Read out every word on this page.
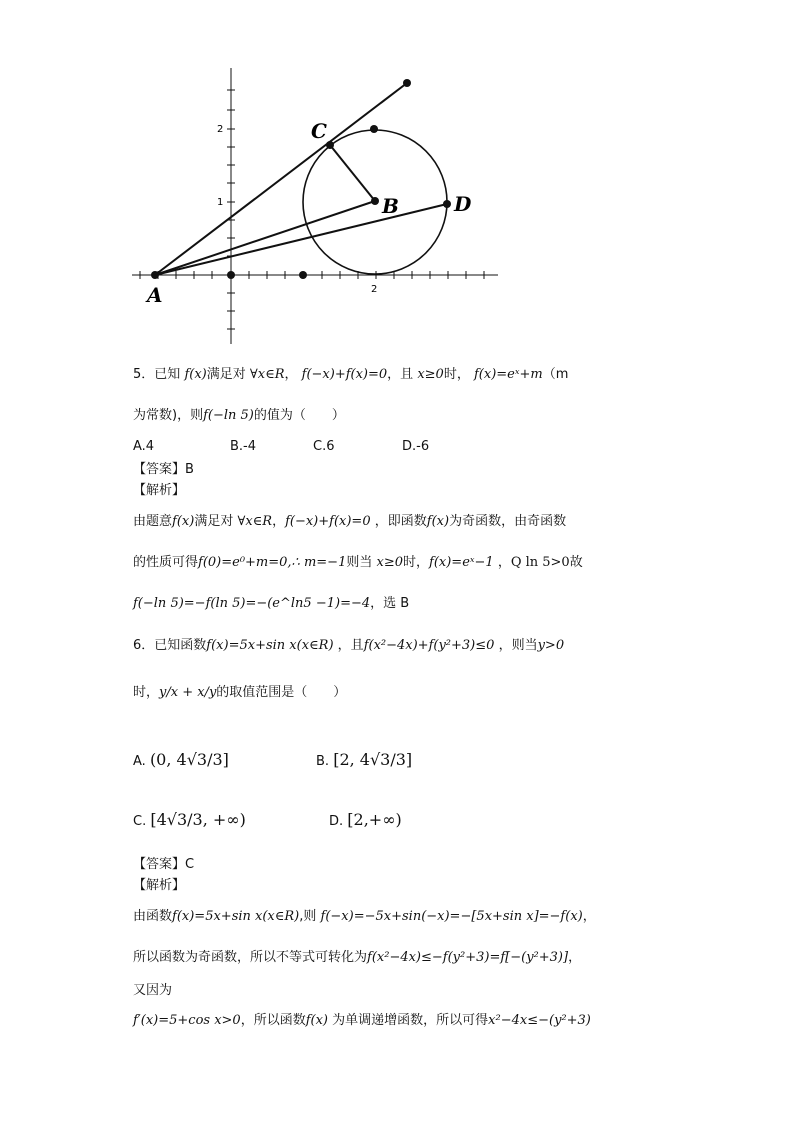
A
B
C
D
2
1
2
5．已知 f(x)满足对 ∀x∈R， f(−x)+f(x)=0，且 x≥0时， f(x)=eˣ+m（m
为常数)，则f(−ln 5)的值为（　　）
A.4	B.-4	C.6	D.-6
【答案】B
【解析】
由题意f(x)满足对 ∀x∈R，f(−x)+f(x)=0 ，即函数f(x)为奇函数，由奇函数
的性质可得f(0)=e⁰+m=0,∴ m=−1则当 x≥0时，f(x)=eˣ−1 ，Q ln 5>0故
f(−ln 5)=−f(ln 5)=−(e^ln5 −1)=−4，选 B
6．已知函数f(x)=5x+sin x(x∈R) ，且f(x²−4x)+f(y²+3)≤0 ，则当y>0
时，y/x + x/y的取值范围是（　　）
A. (0, 4√3/3]	B. [2, 4√3/3]
C. [4√3/3, +∞)	D. [2,+∞)
【答案】C
【解析】
由函数f(x)=5x+sin x(x∈R),则 f(−x)=−5x+sin(−x)=−[5x+sin x]=−f(x)，
所以函数为奇函数，所以不等式可转化为f(x²−4x)≤−f(y²+3)=f[−(y²+3)]，
又因为
f′(x)=5+cos x>0，所以函数f(x) 为单调递增函数，所以可得x²−4x≤−(y²+3)
